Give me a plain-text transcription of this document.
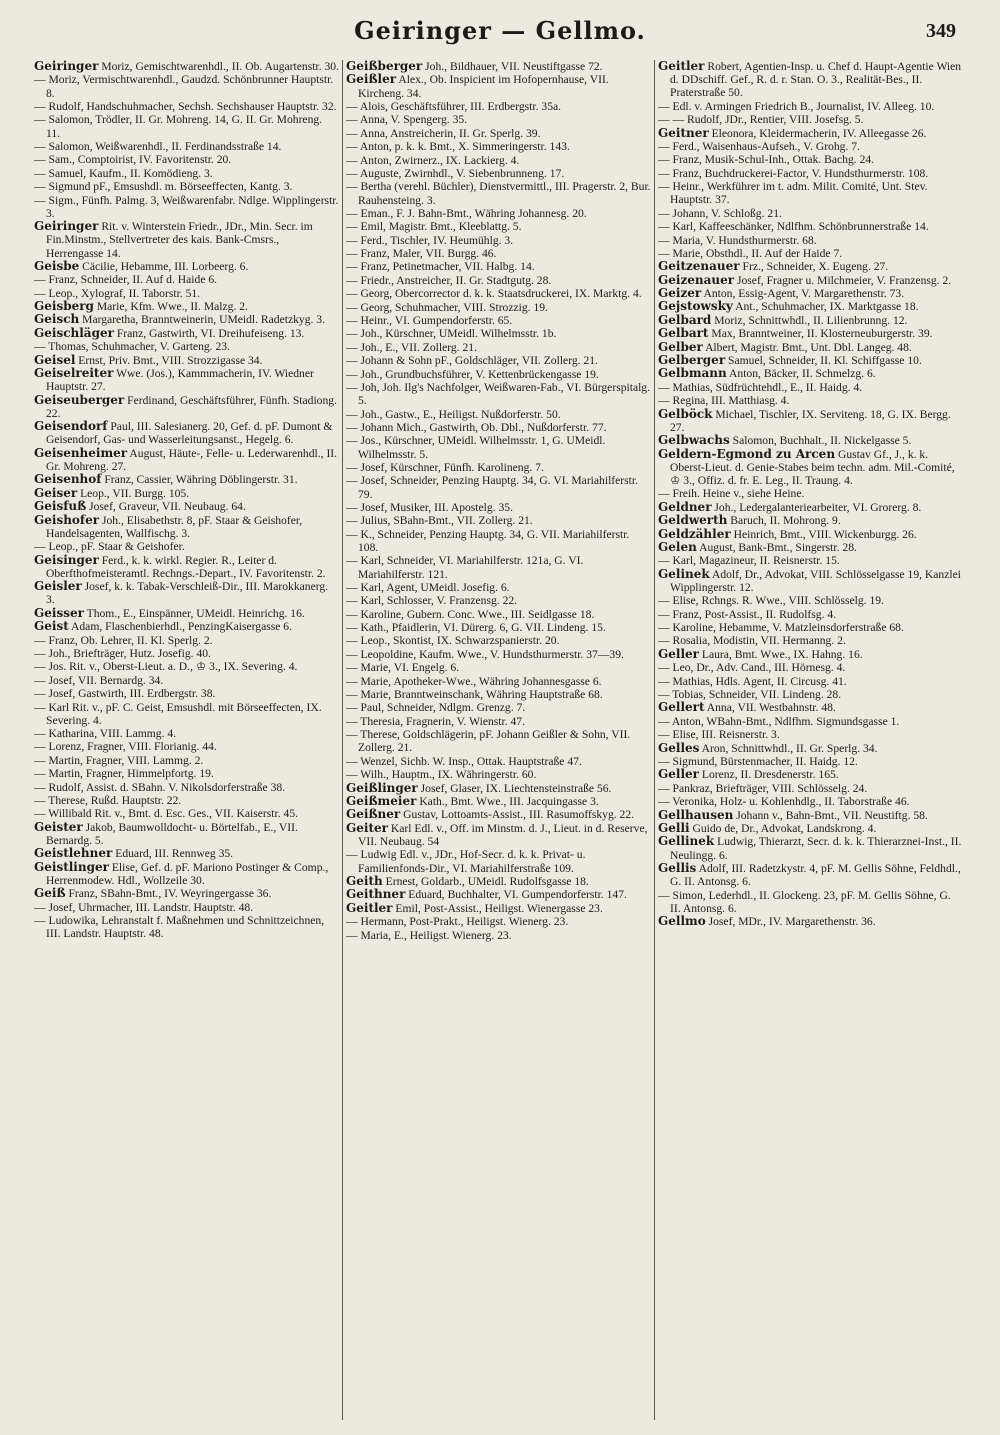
Geiringer — Gellmo.	349
Geiringer Moriz, Gemischtwarenhdl., II. Ob. Augartenstr. 30.
— Moriz, Vermischtwarenhdl., Gaudzd. Schönbrunner Hauptstr. 8.
— Rudolf, Handschuhmacher, Sechsh. Sechshauser Hauptstr. 32.
— Salomon, Trödler, II. Gr. Mohreng. 14, G. II. Gr. Mohreng. 11.
— Salomon, Weißwarenhdl., II. Ferdinandsstraße 14.
— Sam., Comptoirist, IV. Favoritenstr. 20.
— Samuel, Kaufm., II. Komödieng. 3.
— Sigmund pF., Emsushdl. m. Börseeffecten, Kantg. 3.
— Sigm., Fünfh. Palmg. 3, Weißwarenfabr. Ndlge. Wipplingerstr. 3.
Geiringer Rit. v. Winterstein Friedr., JDr., Min. Secr. im Fin.Minstm., Stellvertreter des kais. Bank-Cmsrs., Herrengasse 14.
Geisbe Cäcilie, Hebamme, III. Lorbeerg. 6.
— Franz, Schneider, II. Auf d. Haide 6.
— Leop., Xylograf, II. Taborstr. 51.
Geisberg Marie, Kfm. Wwe., II. Malzg. 2.
Geisch Margaretha, Branntweinerin, UMeidl. Radetzkyg. 3.
Geischläger Franz, Gastwirth, VI. Dreihufeiseng. 13.
— Thomas, Schuhmacher, V. Garteng. 23.
Geisel Ernst, Priv. Bmt., VIII. Strozzigasse 34.
Geiselreiter Wwe. (Jos.), Kammmacherin, IV. Wiedner Hauptstr. 27.
Geiseuberger Ferdinand, Geschäftsführer, Fünfh. Stadiong. 22.
Geisendorf Paul, III. Salesianerg. 20, Gef. d. pF. Dumont & Geisendorf, Gas- und Wasserleitungsanst., Hegelg. 6.
Geisenheimer August, Häute-, Felle- u. Lederwarenhdl., II. Gr. Mohreng. 27.
Geisenhof Franz, Cassier, Währing Döblingerstr. 31.
Geiser Leop., VII. Burgg. 105.
Geisfuß Josef, Graveur, VII. Neubaug. 64.
Geishofer Joh., Elisabethstr. 8, pF. Staar & Geishofer, Handelsagenten, Wallfischg. 3.
— Leop., pF. Staar & Geishofer.
Geisinger Ferd., k. k. wirkl. Regier. R., Leiter d. Oberfthofmeisteramtl. Rechngs.-Depart., IV. Favoritenstr. 2.
Geisler Josef, k. k. Tabak-Verschleiß-Dir., III. Marokkanerg. 3.
Geisser Thom., E., Einspänner, UMeidl. Heinrichg. 16.
Geist Adam, Flaschenbierhdl., PenzingKaisergasse 6.
— Franz, Ob. Lehrer, II. Kl. Sperlg. 2.
— Joh., Briefträger, Hutz. Josefig. 40.
— Jos. Rit. v., Oberst-Lieut. a. D., ♔ 3., IX. Severing. 4.
— Josef, VII. Bernardg. 34.
— Josef, Gastwirth, III. Erdbergstr. 38.
— Karl Rit. v., pF. C. Geist, Emsushdl. mit Börseeffecten, IX. Severing. 4.
— Katharina, VIII. Lammg. 4.
— Lorenz, Fragner, VIII. Florianig. 44.
— Martin, Fragner, VIII. Lammg. 2.
— Martin, Fragner, Himmelpfortg. 19.
— Rudolf, Assist. d. SBahn. V. Nikolsdorferstraße 38.
— Therese, Rußd. Hauptstr. 22.
— Willibald Rit. v., Bmt. d. Esc. Ges., VII. Kaiserstr. 45.
Geister Jakob, Baumwolldocht- u. Börtelfab., E., VII. Bernardg. 5.
Geistlehner Eduard, III. Rennweg 35.
Geistlinger Elise, Gef. d. pF. Mariono Postinger & Comp., Herrenmodew. Hdl., Wollzeile 30.
Geiß Franz, SBahn-Bmt., IV. Weyringergasse 36.
— Josef, Uhrmacher, III. Landstr. Hauptstr. 48.
— Ludowika, Lehranstalt f. Maßnehmen und Schnittzeichnen, III. Landstr. Hauptstr. 48.
Geißberger Joh., Bildhauer, VII. Neustiftgasse 72.
Geißler Alex., Ob. Inspicient im Hofopernhause, VII. Kircheng. 34.
— Alois, Geschäftsführer, III. Erdbergstr. 35a.
— Anna, V. Spengerg. 35.
— Anna, Anstreicherin, II. Gr. Sperlg. 39.
— Anton, p. k. k. Bmt., X. Simmeringerstr. 143.
— Anton, Zwirnerz., IX. Lackierg. 4.
— Auguste, Zwirnhdl., V. Siebenbrunneng. 17.
— Bertha (verehl. Büchler), Dienstvermittl., III. Pragerstr. 2, Bur. Rauhensteing. 3.
— Eman., F. J. Bahn-Bmt., Währing Johannesg. 20.
— Emil, Magistr. Bmt., Kleeblattg. 5.
— Ferd., Tischler, IV. Heumühlg. 3.
— Franz, Maler, VII. Burgg. 46.
— Franz, Petinetmacher, VII. Halbg. 14.
— Friedr., Anstreicher, II. Gr. Stadtgutg. 28.
— Georg, Obercorrector d. k. k. Staatsdruckerei, IX. Marktg. 4.
— Georg, Schuhmacher, VIII. Strozzig. 19.
— Heinr., VI. Gumpendorferstr. 65.
— Joh., Kürschner, UMeidl. Wilhelmsstr. 1b.
— Joh., E., VII. Zollerg. 21.
— Johann & Sohn pF., Goldschläger, VII. Zollerg. 21.
— Joh., Grundbuchsführer, V. Kettenbrückengasse 19.
— Joh, Joh. Ilg's Nachfolger, Weißwaren-Fab., VI. Bürgerspitalg. 5.
— Joh., Gastw., E., Heiligst. Nußdorferstr. 50.
— Johann Mich., Gastwirth, Ob. Dbl., Nußdorferstr. 77.
— Jos., Kürschner, UMeidl. Wilhelmsstr. 1, G. UMeidl. Wilhelmsstr. 5.
— Josef, Kürschner, Fünfh. Karolineng. 7.
— Josef, Schneider, Penzing Hauptg. 34, G. VI. Mariahilferstr. 79.
— Josef, Musiker, III. Apostelg. 35.
— Julius, SBahn-Bmt., VII. Zollerg. 21.
— K., Schneider, Penzing Hauptg. 34, G. VII. Mariahilferstr. 108.
— Karl, Schneider, VI. Mariahilferstr. 121a, G. VI. Mariahilferstr. 121.
— Karl, Agent, UMeidl. Josefig. 6.
— Karl, Schlosser, V. Franzensg. 22.
— Karoline, Gubern. Conc. Wwe., III. Seidlgasse 18.
— Kath., Pfaidlerin, VI. Dürerg. 6, G. VII. Lindeng. 15.
— Leop., Skontist, IX. Schwarzspanierstr. 20.
— Leopoldine, Kaufm. Wwe., V. Hundsthurmerstr. 37—39.
— Marie, VI. Engelg. 6.
— Marie, Apotheker-Wwe., Währing Johannesgasse 6.
— Marie, Branntweinschank, Währing Hauptstraße 68.
— Paul, Schneider, Ndlgm. Grenzg. 7.
— Theresia, Fragnerin, V. Wienstr. 47.
— Therese, Goldschlägerin, pF. Johann Geißler & Sohn, VII. Zollerg. 21.
— Wenzel, Sichb. W. Insp., Ottak. Hauptstraße 47.
— Wilh., Hauptm., IX. Währingerstr. 60.
Geißlinger Josef, Glaser, IX. Liechtensteinstraße 56.
Geißmeier Kath., Bmt. Wwe., III. Jacquingasse 3.
Geißner Gustav, Lottoamts-Assist., III. Rasumoffskyg. 22.
Geiter Karl Edl. v., Off. im Minstm. d. J., Lieut. in d. Reserve, VII. Neubaug. 54
— Ludwig Edl. v., JDr., Hof-Secr. d. k. k. Privat- u. Familienfonds-Dir., VI. Mariahilferstraße 109.
Geith Ernest, Goldarb., UMeidl. Rudolfsgasse 18.
Geithner Eduard, Buchhalter, VI. Gumpendorferstr. 147.
Geitler Emil, Post-Assist., Heiligst. Wienergasse 23.
— Hermann, Post-Prakt., Heiligst. Wienerg. 23.
— Maria, E., Heiligst. Wienerg. 23.
Geitler Robert, Agentien-Insp. u. Chef d. Haupt-Agentie Wien d. DDschiff. Gef., R. d. r. Stan. O. 3., Realität-Bes., II. Praterstraße 50.
— Edl. v. Armingen Friedrich B., Journalist, IV. Alleeg. 10.
— — Rudolf, JDr., Rentier, VIII. Josefsg. 5.
Geitner Eleonora, Kleidermacherin, IV. Alleegasse 26.
— Ferd., Waisenhaus-Aufseh., V. Grohg. 7.
— Franz, Musik-Schul-Inh., Ottak. Bachg. 24.
— Franz, Buchdruckerei-Factor, V. Hundsthurmerstr. 108.
— Heinr., Werkführer im t. adm. Milit. Comité, Unt. Stev. Hauptstr. 37.
— Johann, V. Schloßg. 21.
— Karl, Kaffeeschänker, Ndlfhm. Schönbrunnerstraße 14.
— Maria, V. Hundsthurmerstr. 68.
— Marie, Obsthdl., II. Auf der Haide 7.
Geitzenauer Frz., Schneider, X. Eugeng. 27.
Geizenauer Josef, Fragner u. Milchmeier, V. Franzensg. 2.
Geizer Anton, Essig-Agent, V. Margarethenstr. 73.
Gejstowsky Ant., Schuhmacher, IX. Marktgasse 18.
Gelbard Moriz, Schnittwhdl., II. Lilienbrunng. 12.
Gelbart Max, Branntweiner, II. Klosterneuburgerstr. 39.
Gelber Albert, Magistr. Bmt., Unt. Dbl. Langeg. 48.
Gelberger Samuel, Schneider, II. Kl. Schiffgasse 10.
Gelbmann Anton, Bäcker, II. Schmelzg. 6.
— Mathias, Südfrüchtehdl., E., II. Haidg. 4.
— Regina, III. Matthiasg. 4.
Gelböck Michael, Tischler, IX. Serviteng. 18, G. IX. Bergg. 27.
Gelbwachs Salomon, Buchhalt., II. Nickelgasse 5.
Geldern-Egmond zu Arcen Gustav Gf., J., k. k. Oberst-Lieut. d. Genie-Stabes beim techn. adm. Mil.-Comité, ♔ 3., Offiz. d. fr. E. Leg., II. Traung. 4.
— Freih. Heine v., siehe Heine.
Geldner Joh., Ledergalanteriearbeiter, VI. Grorerg. 8.
Geldwerth Baruch, II. Mohrong. 9.
Geldzähler Heinrich, Bmt., VIII. Wickenburgg. 26.
Gelen August, Bank-Bmt., Singerstr. 28.
— Karl, Magazineur, II. Reisnerstr. 15.
Gelinek Adolf, Dr., Advokat, VIII. Schlösselgasse 19, Kanzlei Wipplingerstr. 12.
— Elise, Rchngs. R. Wwe., VIII. Schlösselg. 19.
— Franz, Post-Assist., II. Rudolfsg. 4.
— Karoline, Hebamme, V. Matzleinsdorferstraße 68.
— Rosalia, Modistin, VII. Hermanng. 2.
Geller Laura, Bmt. Wwe., IX. Hahng. 16.
— Leo, Dr., Adv. Cand., III. Hörnesg. 4.
— Mathias, Hdls. Agent, II. Circusg. 41.
— Tobias, Schneider, VII. Lindeng. 28.
Gellert Anna, VII. Westbahnstr. 48.
— Anton, WBahn-Bmt., Ndlfhm. Sigmundsgasse 1.
— Elise, III. Reisnerstr. 3.
Gelles Aron, Schnittwhdl., II. Gr. Sperlg. 34.
— Sigmund, Bürstenmacher, II. Haidg. 12.
Geller Lorenz, II. Dresdenerstr. 165.
— Pankraz, Briefträger, VIII. Schlösselg. 24.
— Veronika, Holz- u. Kohlenhdlg., II. Taborstraße 46.
Gellhausen Johann v., Bahn-Bmt., VII. Neustiftg. 58.
Gelli Guido de, Dr., Advokat, Landskrong. 4.
Gellinek Ludwig, Thierarzt, Secr. d. k. k. Thierarznei-Inst., II. Neulingg. 6.
Gellis Adolf, III. Radetzkystr. 4, pF. M. Gellis Söhne, Feldhdl., G. II. Antonsg. 6.
— Simon, Lederhdl., II. Glockeng. 23, pF. M. Gellis Söhne, G. II. Antonsg. 6.
Gellmo Josef, MDr., IV. Margarethenstr. 36.
